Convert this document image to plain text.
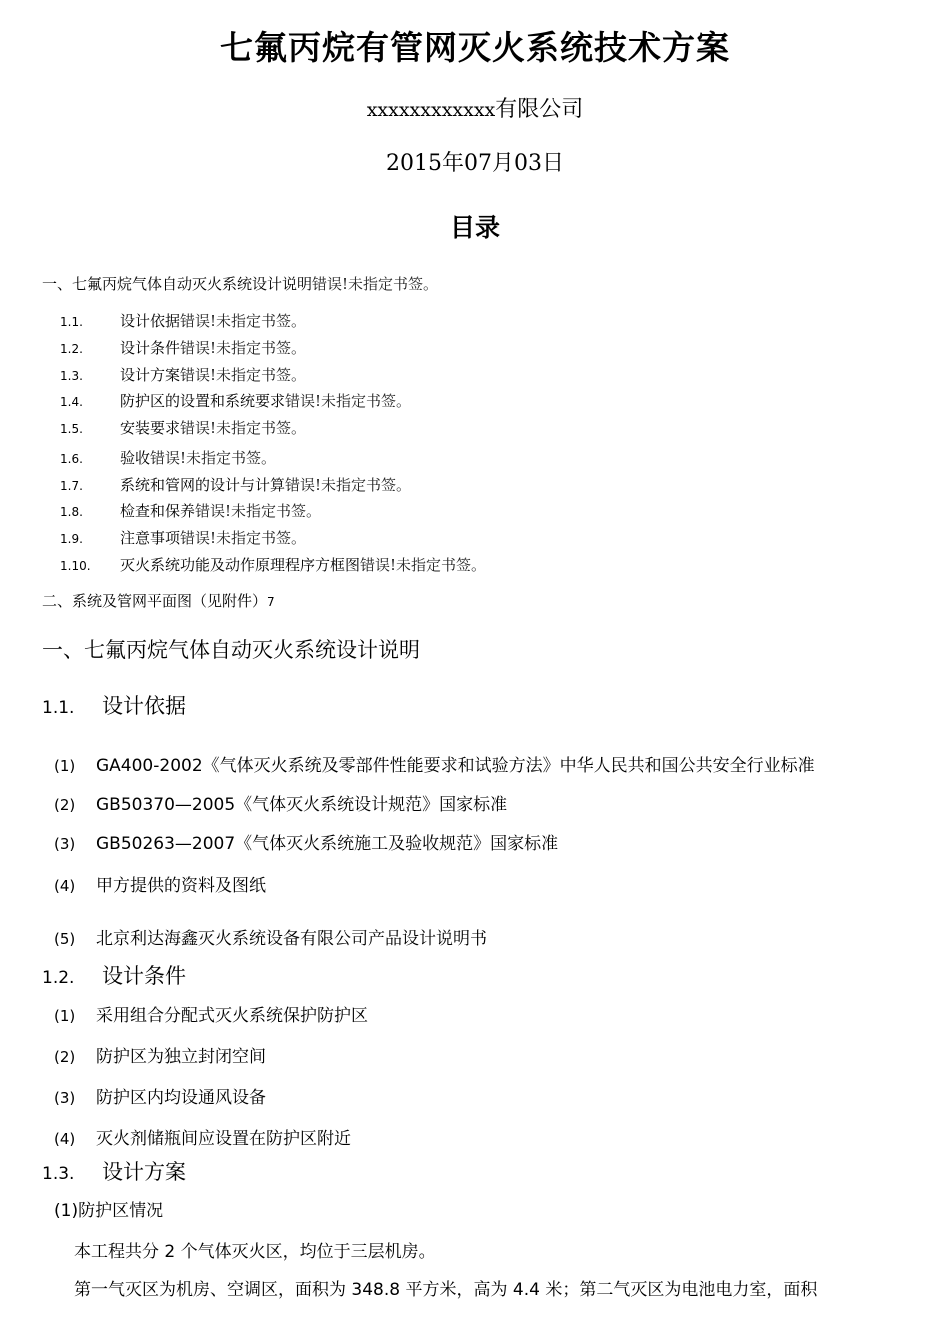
七氟丙烷有管网灭火系统技术方案
xxxxxxxxxxxx有限公司
2015年07月03日
目录
一、七氟丙烷气体自动灭火系统设计说明错误!未指定书签。
1.1. 设计依据错误!未指定书签。
1.2. 设计条件错误!未指定书签。
1.3. 设计方案错误!未指定书签。
1.4. 防护区的设置和系统要求错误!未指定书签。
1.5. 安装要求错误!未指定书签。
1.6. 验收错误!未指定书签。
1.7. 系统和管网的设计与计算错误!未指定书签。
1.8. 检查和保养错误!未指定书签。
1.9. 注意事项错误!未指定书签。
1.10. 灭火系统功能及动作原理程序方框图错误!未指定书签。
二、系统及管网平面图（见附件）7
一、七氟丙烷气体自动灭火系统设计说明
1.1. 设计依据
(1) GA400-2002《气体灭火系统及零部件性能要求和试验方法》中华人民共和国公共安全行业标准
(2) GB50370—2005《气体灭火系统设计规范》国家标准
(3) GB50263—2007《气体灭火系统施工及验收规范》国家标准
(4) 甲方提供的资料及图纸
(5) 北京利达海鑫灭火系统设备有限公司产品设计说明书
1.2. 设计条件
(1) 采用组合分配式灭火系统保护防护区
(2) 防护区为独立封闭空间
(3) 防护区内均设通风设备
(4) 灭火剂储瓶间应设置在防护区附近
1.3. 设计方案
(1)防护区情况
本工程共分 2 个气体灭火区，均位于三层机房。
第一气灭区为机房、空调区，面积为 348.8 平方米，高为 4.4 米；第二气灭区为电池电力室，面积
